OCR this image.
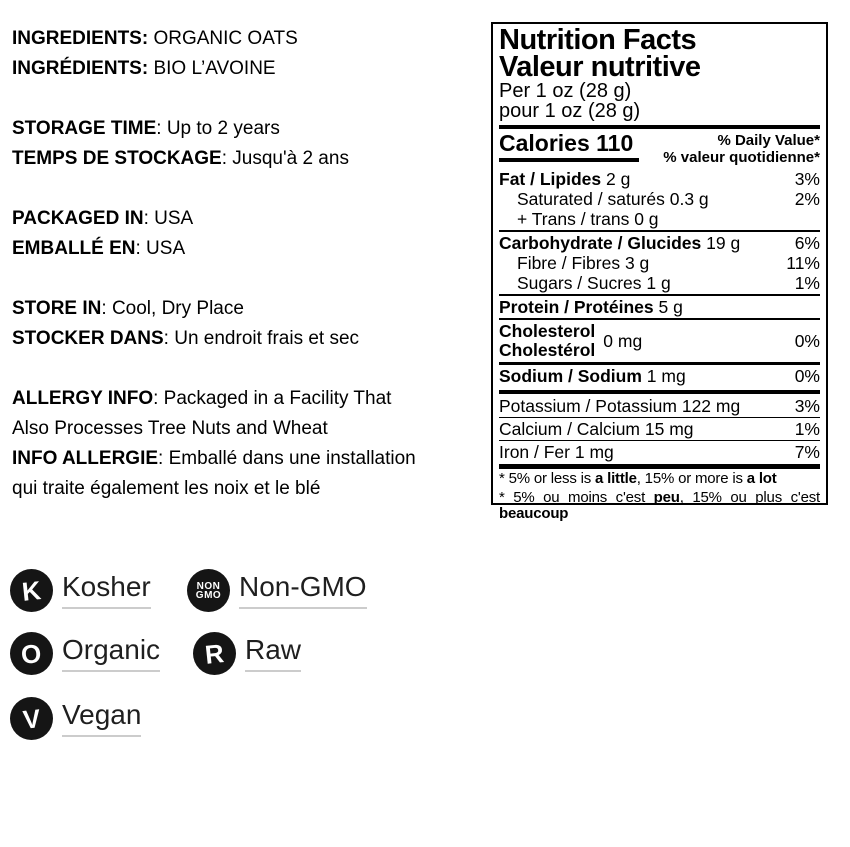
INGREDIENTS: ORGANIC OATS
INGRÉDIENTS: BIO L’AVOINE
STORAGE TIME: Up to 2 years
TEMPS DE STOCKAGE: Jusqu'à 2 ans
PACKAGED IN: USA
EMBALLÉ EN: USA
STORE IN: Cool, Dry Place
STOCKER DANS: Un endroit frais et sec
ALLERGY INFO: Packaged in a Facility That
Also Processes Tree Nuts and Wheat
INFO ALLERGIE: Emballé dans une installation
qui traite également les noix et le blé
Nutrition Facts
Valeur nutritive
Per 1 oz (28 g)
pour 1 oz (28 g)
Calories 110	% Daily Value*
% valeur quotidienne*
Fat / Lipides 2 g	3%
Saturated / saturés 0.3 g	2%
+ Trans / trans 0 g
Carbohydrate / Glucides 19 g	6%
Fibre / Fibres 3 g	11%
Sugars / Sucres 1 g	1%
Protein / Protéines 5 g
Cholesterol
Cholestérol 0 mg	0%
Sodium / Sodium 1 mg	0%
Potassium / Potassium 122 mg	3%
Calcium / Calcium 15 mg	1%
Iron / Fer 1 mg	7%
* 5% or less is a little, 15% or more is a lot
* 5% ou moins c'est peu, 15% ou plus c'est beaucoup
K Kosher	NON
GMO Non-GMO
O Organic R Raw
V Vegan
